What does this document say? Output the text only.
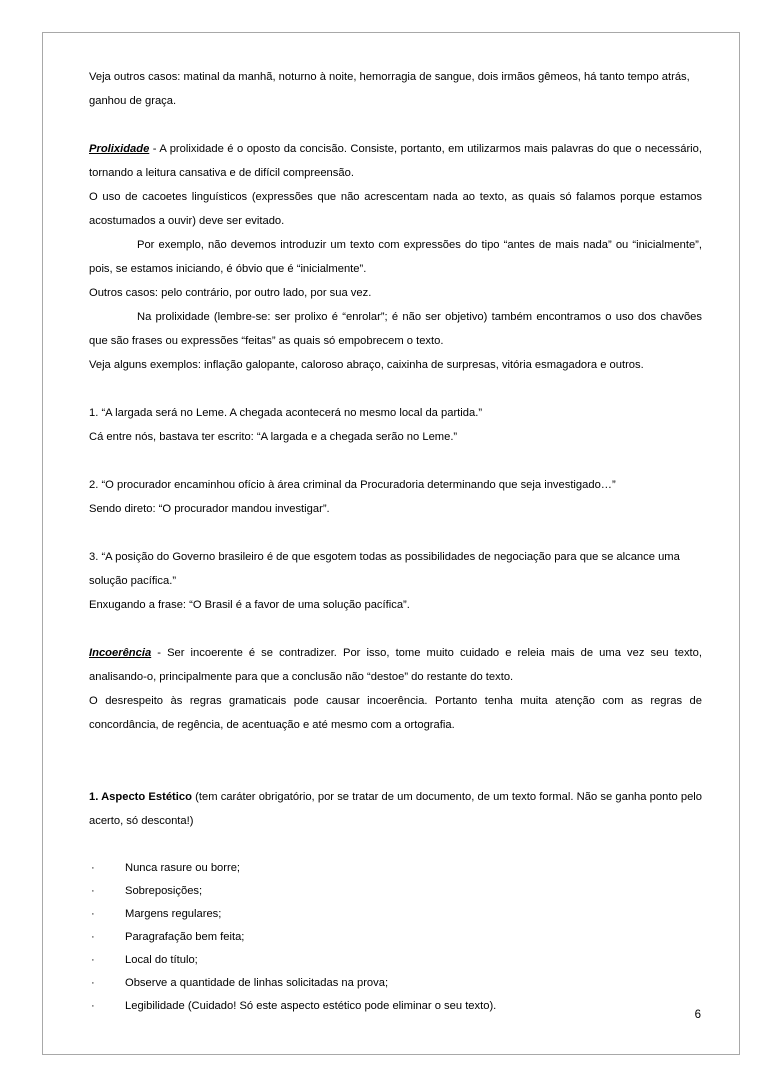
Veja outros casos: matinal da manhã, noturno à noite, hemorragia de sangue, dois irmãos gêmeos, há tanto tempo atrás, ganhou de graça.

Prolixidade - A prolixidade é o oposto da concisão. Consiste, portanto, em utilizarmos mais palavras do que o necessário, tornando a leitura cansativa e de difícil compreensão.

O uso de cacoetes linguísticos (expressões que não acrescentam nada ao texto, as quais só falamos porque estamos acostumados a ouvir) deve ser evitado.

Por exemplo, não devemos introduzir um texto com expressões do tipo “antes de mais nada” ou “inicialmente”, pois, se estamos iniciando, é óbvio que é “inicialmente”.

Outros casos: pelo contrário, por outro lado, por sua vez.

Na prolixidade (lembre-se: ser prolixo é “enrolar”; é não ser objetivo) também encontramos o uso dos chavões que são frases ou expressões “feitas” as quais só empobrecem o texto.

Veja alguns exemplos: inflação galopante, caloroso abraço, caixinha de surpresas, vitória esmagadora e outros.

1. “A largada será no Leme. A chegada acontecerá no mesmo local da partida.”

Cá entre nós, bastava ter escrito: “A largada e a chegada serão no Leme.”

2. “O procurador encaminhou ofício à área criminal da Procuradoria determinando que seja investigado…”

Sendo direto: “O procurador mandou investigar”.

3. “A posição do Governo brasileiro é de que esgotem todas as possibilidades de negociação para que se alcance uma solução pacífica.”

Enxugando a frase: “O Brasil é a favor de uma solução pacífica”.

Incoerência - Ser incoerente é se contradizer. Por isso, tome muito cuidado e releia mais de uma vez seu texto, analisando-o, principalmente para que a conclusão não “destoe” do restante do texto.

O desrespeito às regras gramaticais pode causar incoerência. Portanto tenha muita atenção com as regras de concordância, de regência, de acentuação e até mesmo com a ortografia.

1. Aspecto Estético (tem caráter obrigatório, por se tratar de um documento, de um texto formal. Não se ganha ponto pelo acerto, só desconta!)

·	Nunca rasure ou borre;
·	Sobreposições;
·	Margens regulares;
·	Paragrafação bem feita;
·	Local do título;
·	Observe a quantidade de linhas solicitadas na prova;
·	Legibilidade (Cuidado! Só este aspecto estético pode eliminar o seu texto).
6
